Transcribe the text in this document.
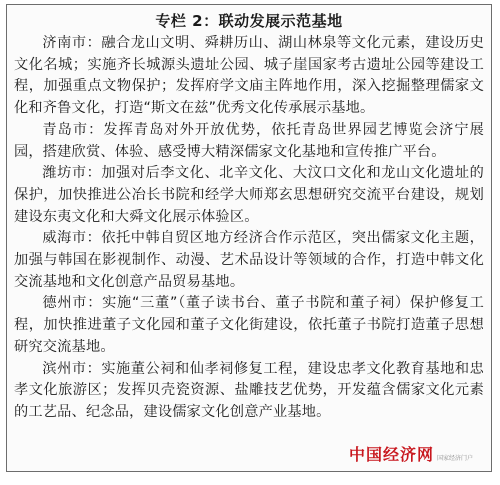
专栏 2：联动发展示范基地

济南市：融合龙山文明、舜耕历山、湖山林泉等文化元素，建设历史文化名城；实施齐长城源头遗址公园、城子崖国家考古遗址公园等建设工程，加强重点文物保护；发挥府学文庙主阵地作用，深入挖掘整理儒家文化和齐鲁文化，打造“斯文在兹”优秀文化传承展示基地。

青岛市：发挥青岛对外开放优势，依托青岛世界园艺博览会济宁展园，搭建欣赏、体验、感受博大精深儒家文化基地和宣传推广平台。

潍坊市：加强对后李文化、北辛文化、大汶口文化和龙山文化遗址的保护，加快推进公冶长书院和经学大师郑玄思想研究交流平台建设，规划建设东夷文化和大舜文化展示体验区。

威海市：依托中韩自贸区地方经济合作示范区，突出儒家文化主题，加强与韩国在影视制作、动漫、艺术品设计等领域的合作，打造中韩文化交流基地和文化创意产品贸易基地。

德州市：实施“三董”（董子读书台、董子书院和董子祠）保护修复工程，加快推进董子文化园和董子文化街建设，依托董子书院打造董子思想研究交流基地。

滨州市：实施董公祠和仙孝祠修复工程，建设忠孝文化教育基地和忠孝文化旅游区；发挥贝壳瓷资源、盐雕技艺优势，开发蕴含儒家文化元素的工艺品、纪念品，建设儒家文化创意产业基地。

中国经济网 国家经济门户
